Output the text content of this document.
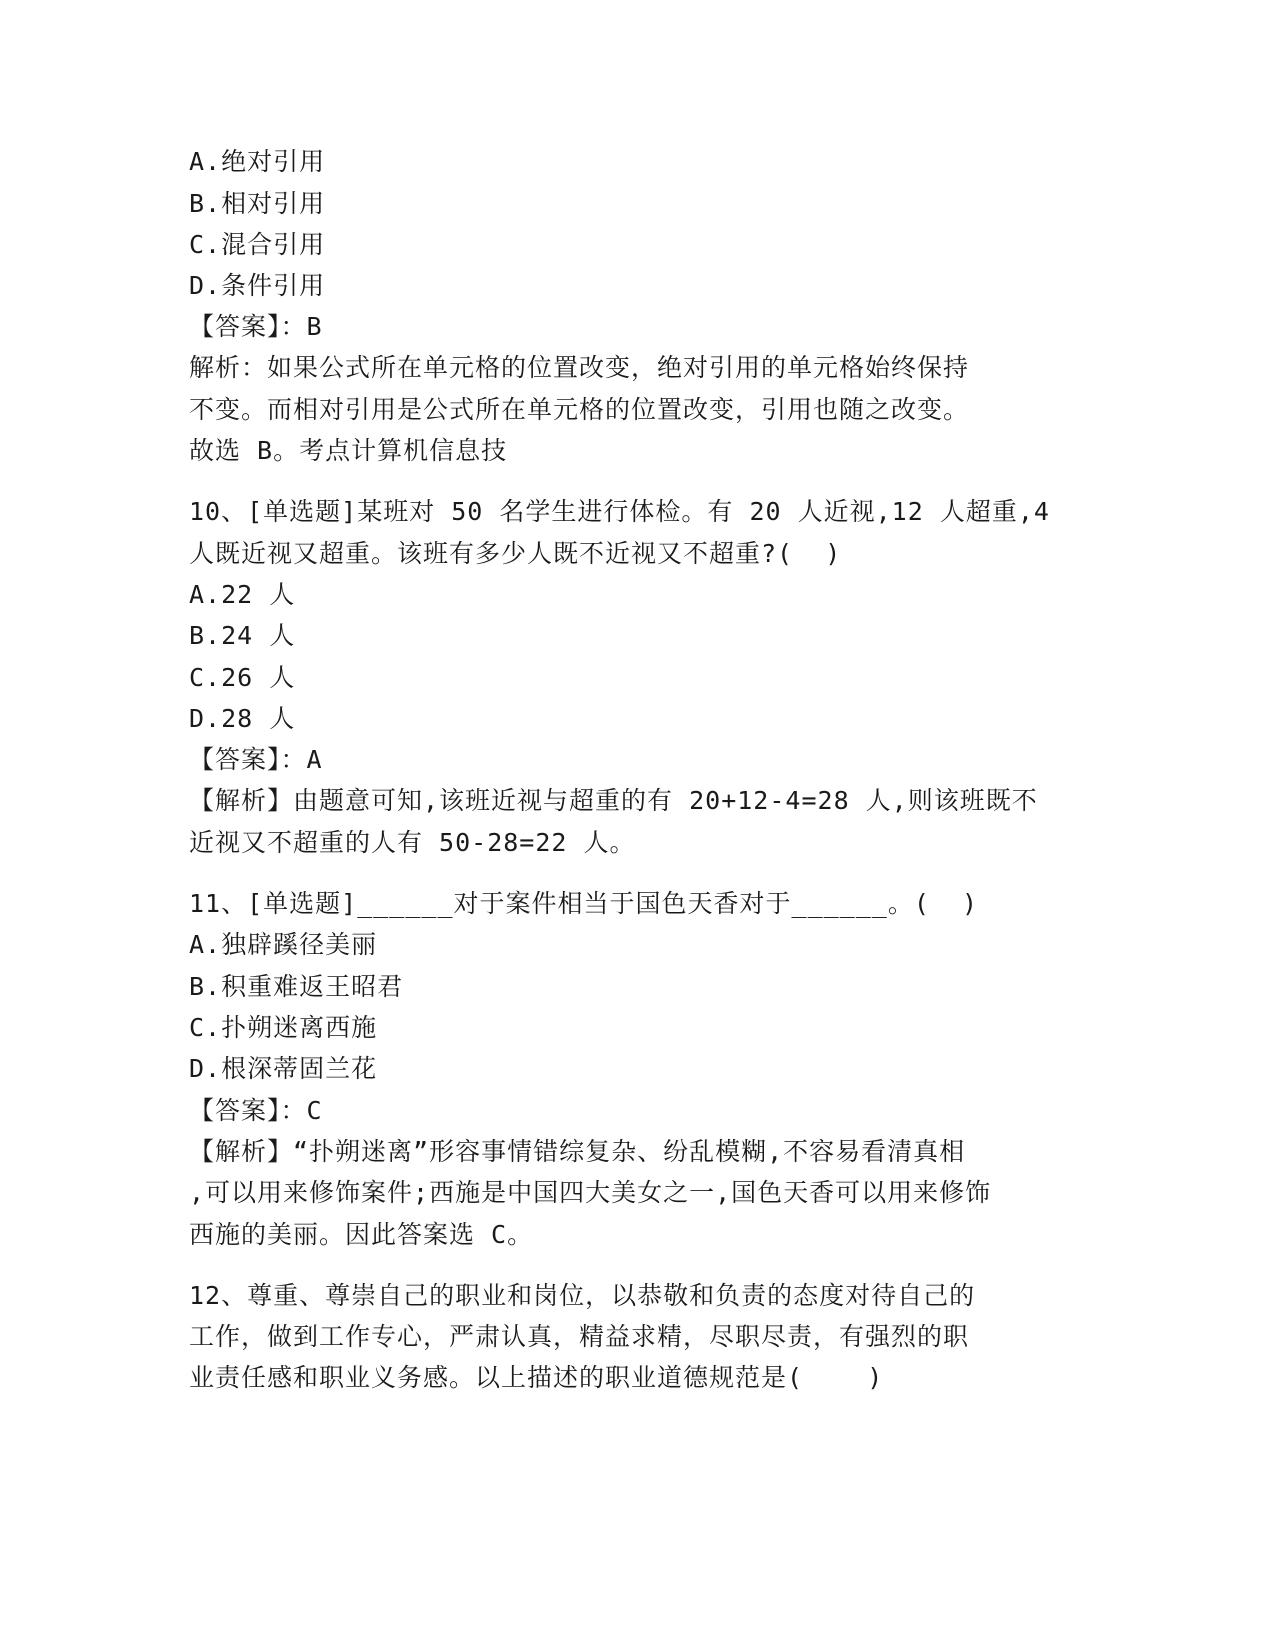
A.绝对引用
B.相对引用
C.混合引用
D.条件引用
【答案】：B
解析：如果公式所在单元格的位置改变，绝对引用的单元格始终保持
不变。而相对引用是公式所在单元格的位置改变，引用也随之改变。
故选 B。考点计算机信息技
10、[单选题]某班对 50 名学生进行体检。有 20 人近视,12 人超重,4
人既近视又超重。该班有多少人既不近视又不超重?(  )
A.22 人
B.24 人
C.26 人
D.28 人
【答案】：A
【解析】由题意可知,该班近视与超重的有 20+12-4=28 人,则该班既不
近视又不超重的人有 50-28=22 人。
11、[单选题]______对于案件相当于国色天香对于______。(  )
A.独辟蹊径美丽
B.积重难返王昭君
C.扑朔迷离西施
D.根深蒂固兰花
【答案】：C
【解析】“扑朔迷离”形容事情错综复杂、纷乱模糊,不容易看清真相
,可以用来修饰案件;西施是中国四大美女之一,国色天香可以用来修饰
西施的美丽。因此答案选 C。
12、尊重、尊崇自己的职业和岗位，以恭敬和负责的态度对待自己的
工作，做到工作专心，严肃认真，精益求精，尽职尽责，有强烈的职
业责任感和职业义务感。以上描述的职业道德规范是(    )
